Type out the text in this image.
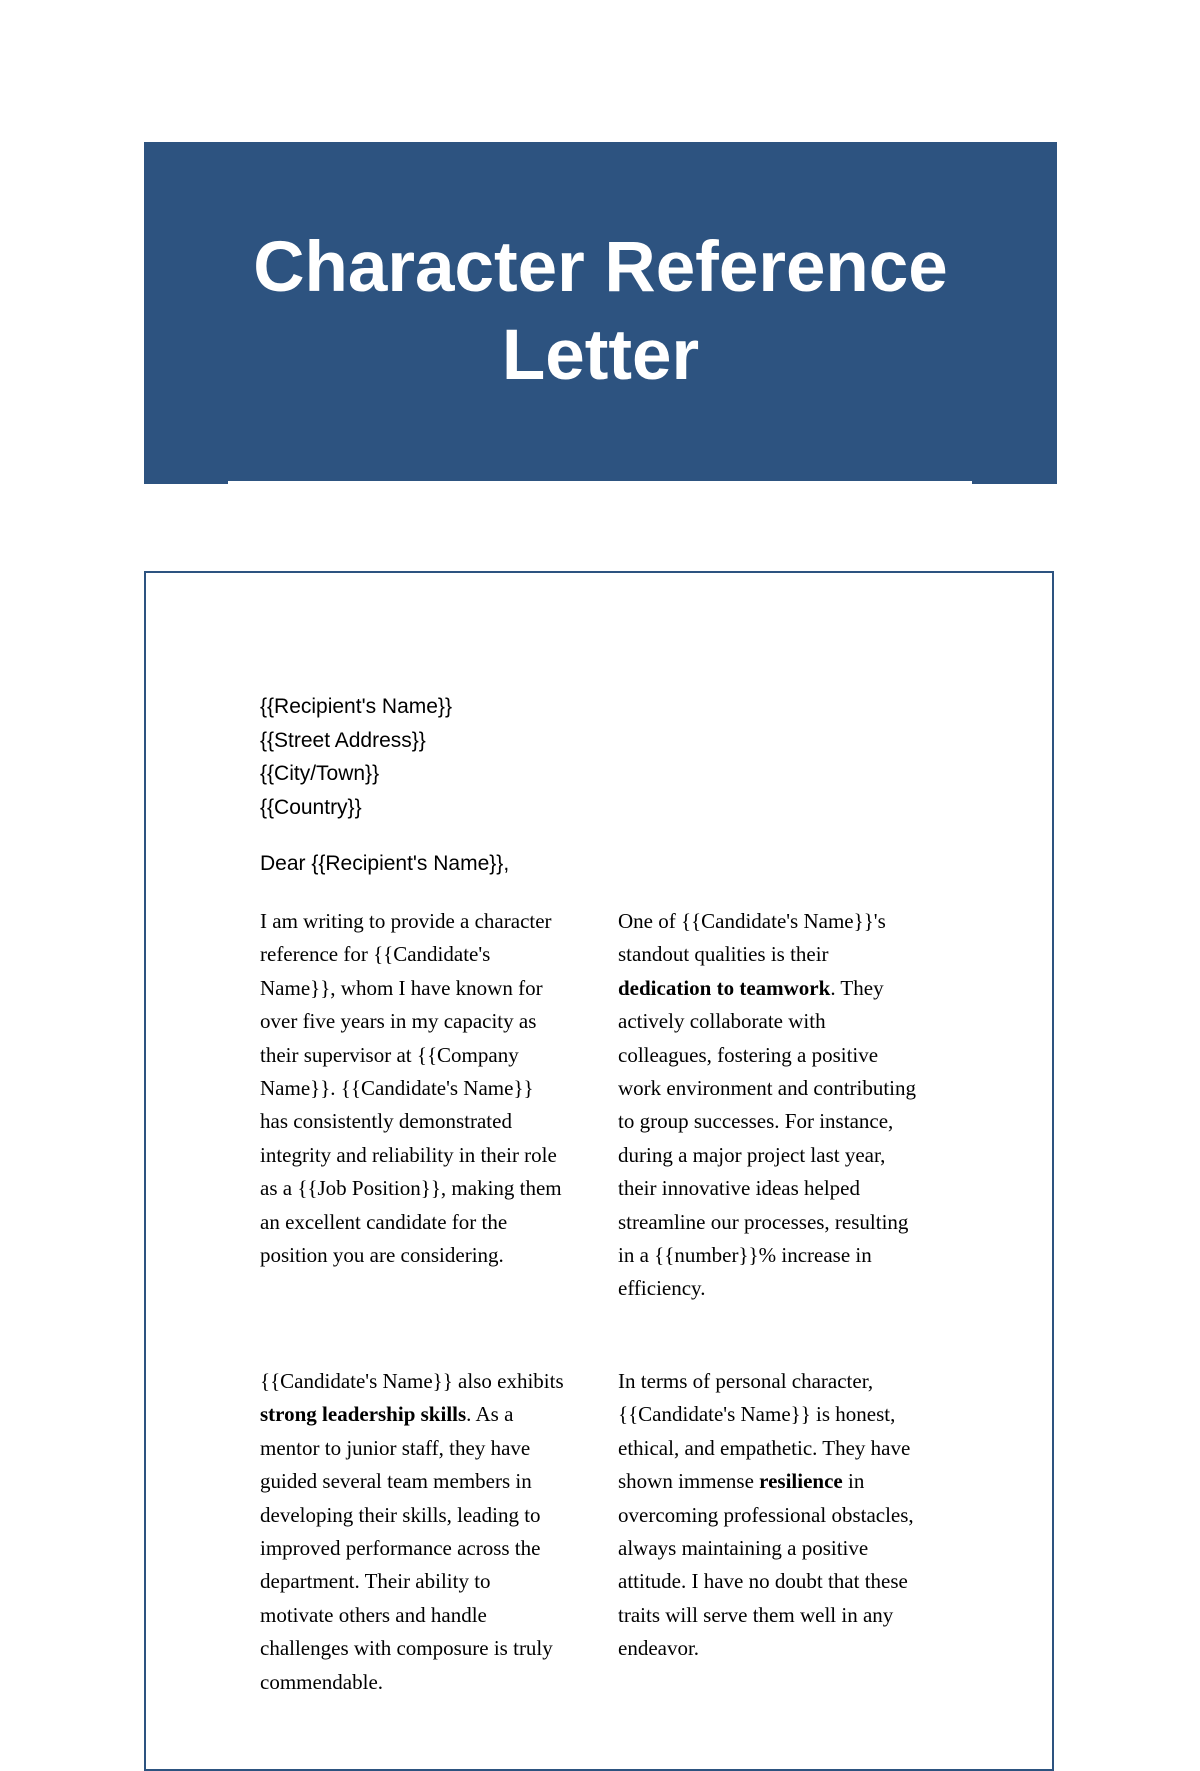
Character Reference
Letter
{{Recipient's Name}}
{{Street Address}}
{{City/Town}}
{{Country}}
Dear {{Recipient's Name}},

I am writing to provide a character
reference for {{Candidate's
Name}}, whom I have known for
over five years in my capacity as
their supervisor at {{Company
Name}}. {{Candidate's Name}}
has consistently demonstrated
integrity and reliability in their role
as a {{Job Position}}, making them
an excellent candidate for the
position you are considering.

One of {{Candidate's Name}}'s
standout qualities is their
dedication to teamwork. They
actively collaborate with
colleagues, fostering a positive
work environment and contributing
to group successes. For instance,
during a major project last year,
their innovative ideas helped
streamline our processes, resulting
in a {{number}}% increase in
efficiency.

{{Candidate's Name}} also exhibits
strong leadership skills. As a
mentor to junior staff, they have
guided several team members in
developing their skills, leading to
improved performance across the
department. Their ability to
motivate others and handle
challenges with composure is truly
commendable.

In terms of personal character,
{{Candidate's Name}} is honest,
ethical, and empathetic. They have
shown immense resilience in
overcoming professional obstacles,
always maintaining a positive
attitude. I have no doubt that these
traits will serve them well in any
endeavor.
